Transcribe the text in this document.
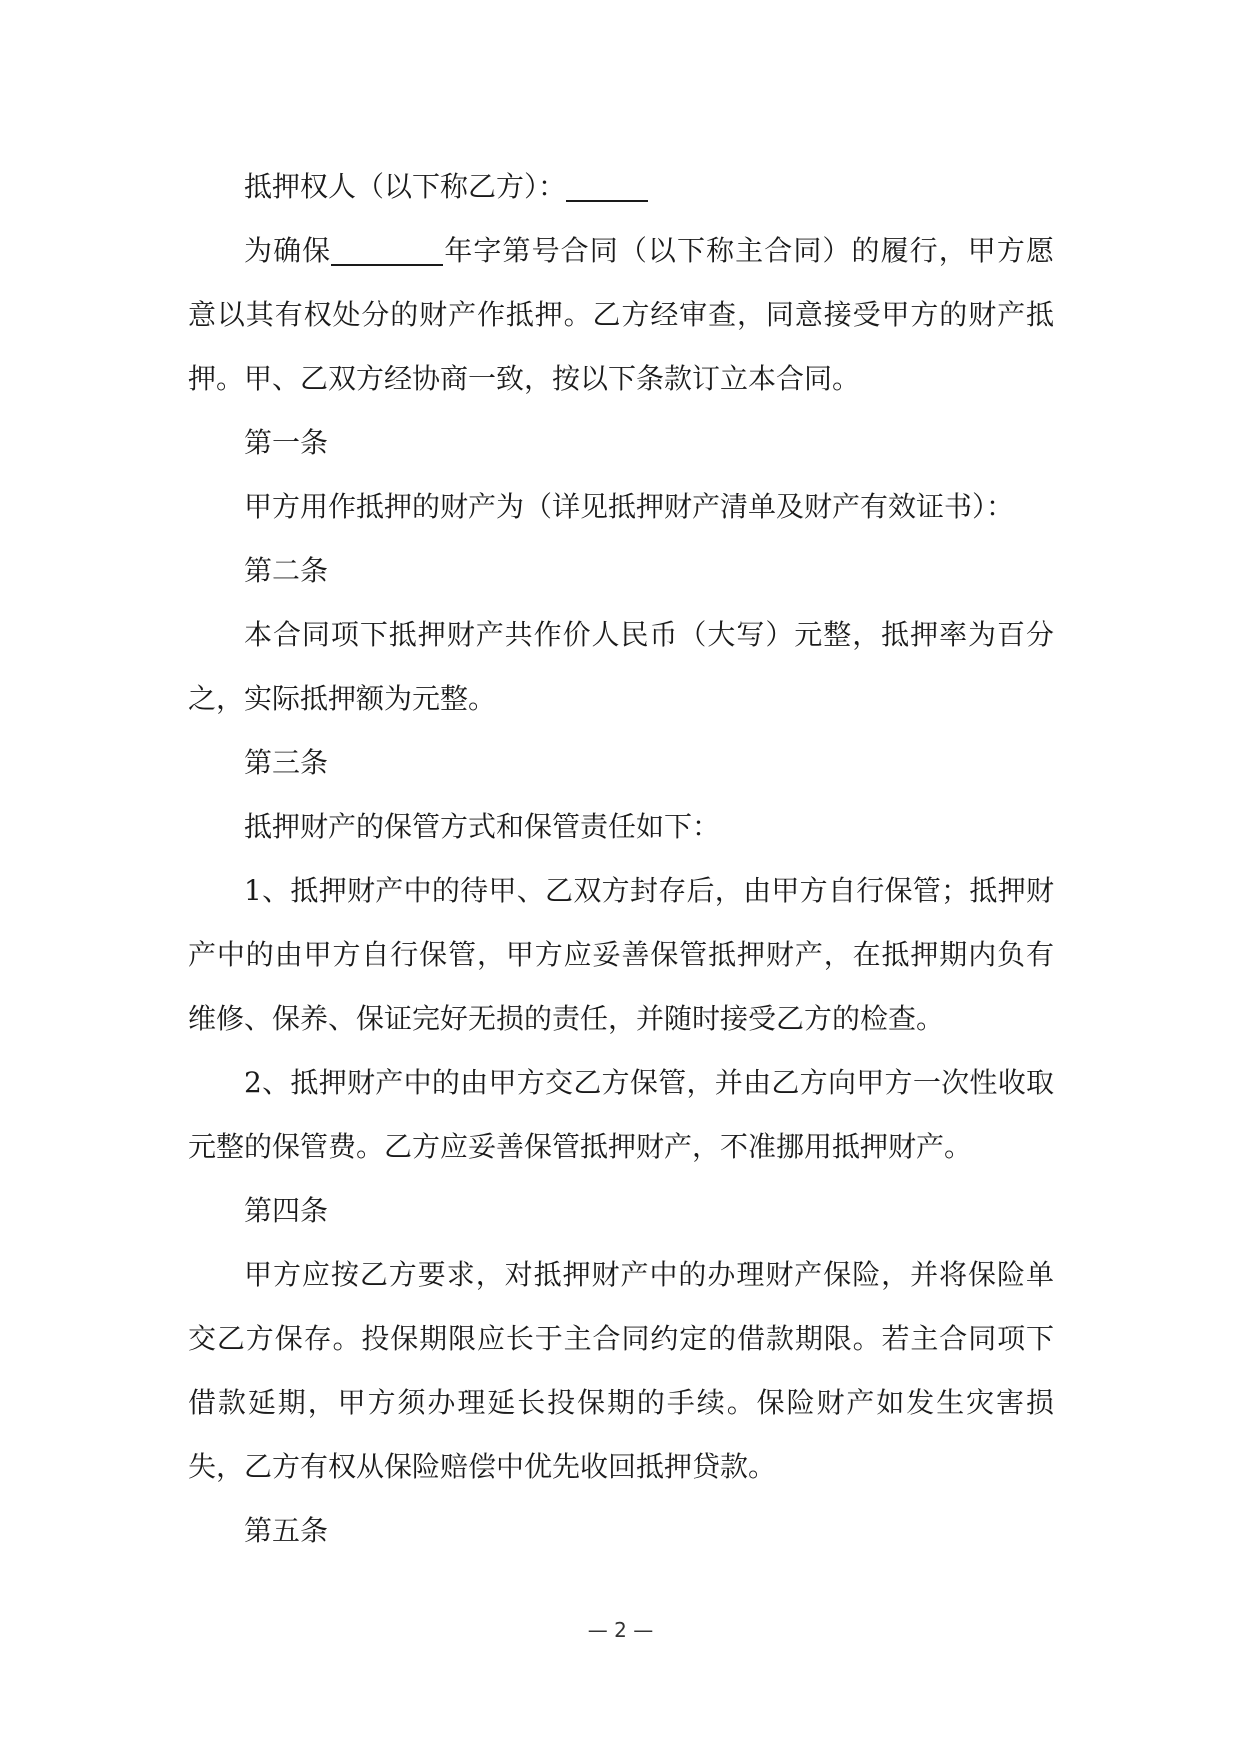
抵押权人（以下称乙方）：

为确保	年字第号合同（以下称主合同）的履行，甲方愿意以其有权处分的财产作抵押。乙方经审查，同意接受甲方的财产抵押。甲、乙双方经协商一致，按以下条款订立本合同。

第一条

甲方用作抵押的财产为（详见抵押财产清单及财产有效证书）：

第二条

本合同项下抵押财产共作价人民币（大写）元整，抵押率为百分之，实际抵押额为元整。

第三条

抵押财产的保管方式和保管责任如下：

1、抵押财产中的待甲、乙双方封存后，由甲方自行保管；抵押财产中的由甲方自行保管，甲方应妥善保管抵押财产，在抵押期内负有维修、保养、保证完好无损的责任，并随时接受乙方的检查。

2、抵押财产中的由甲方交乙方保管，并由乙方向甲方一次性收取元整的保管费。乙方应妥善保管抵押财产，不准挪用抵押财产。

第四条

甲方应按乙方要求，对抵押财产中的办理财产保险，并将保险单交乙方保存。投保期限应长于主合同约定的借款期限。若主合同项下借款延期，甲方须办理延长投保期的手续。保险财产如发生灾害损失，乙方有权从保险赔偿中优先收回抵押贷款。

第五条

— 2 —
